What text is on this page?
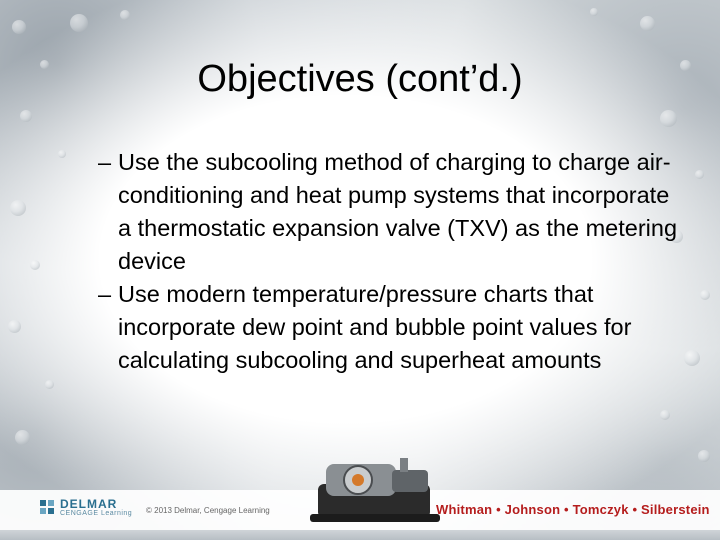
Objectives (cont’d.)
– Use the subcooling method of charging to charge air-conditioning and heat pump systems that incorporate a thermostatic expansion valve (TXV) as the metering device
– Use modern temperature/pressure charts that incorporate dew point and bubble point values for calculating subcooling and superheat amounts
DELMAR
CENGAGE Learning © 2013 Delmar, Cengage Learning	Whitman • Johnson • Tomczyk • Silberstein
